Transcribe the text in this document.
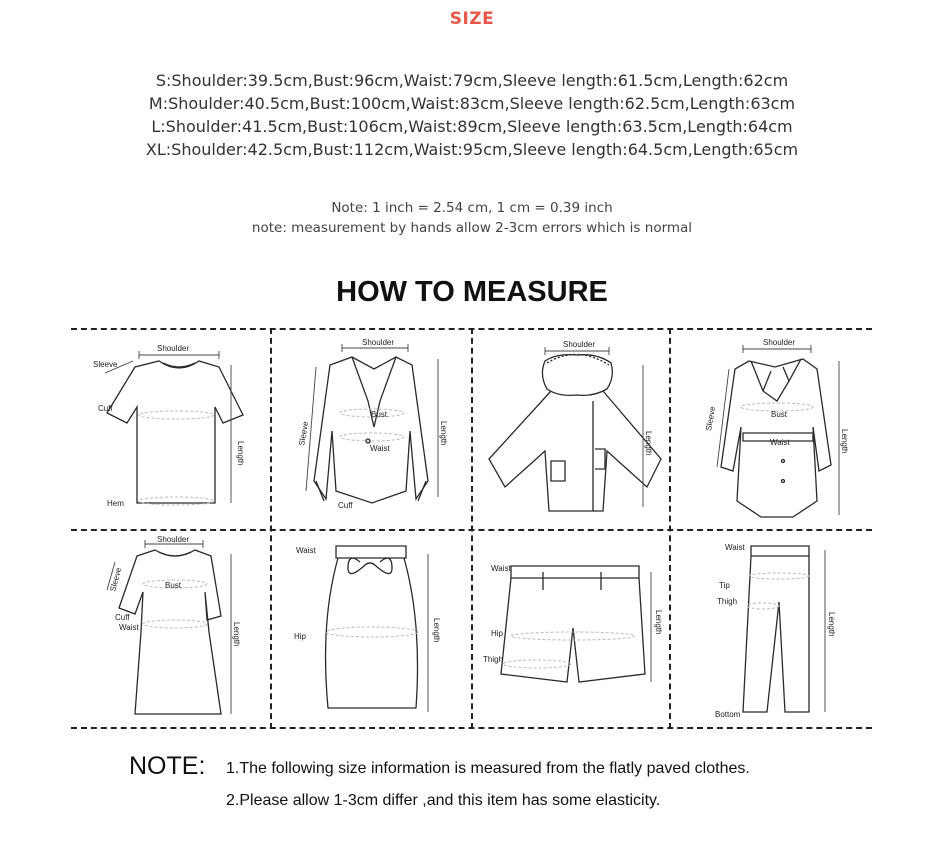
SIZE
S:Shoulder:39.5cm,Bust:96cm,Waist:79cm,Sleeve length:61.5cm,Length:62cm
M:Shoulder:40.5cm,Bust:100cm,Waist:83cm,Sleeve length:62.5cm,Length:63cm
L:Shoulder:41.5cm,Bust:106cm,Waist:89cm,Sleeve length:63.5cm,Length:64cm
XL:Shoulder:42.5cm,Bust:112cm,Waist:95cm,Sleeve length:64.5cm,Length:65cm
Note: 1 inch = 2.54 cm, 1 cm = 0.39 inch
note: measurement by hands allow 2-3cm errors which is normal
HOW TO MEASURE
Shoulder
Sleeve
Cuff
Length
Hem
Shoulder
Sleeve
Bust
Waist
Length
Cuff
Shoulder
Length
Shoulder
Sleeve	Bust
Waist	Length
Shoulder
Sleeve	Bust
Cuff
Waist	Length
Waist
Hip	Length
Waist
Hip
Thigh
Length
Waist
Tip
Thigh
Length
Bottom
NOTE: 1.The following size information is measured from the flatly paved clothes.
2.Please allow 1-3cm differ ,and this item has some elasticity.
